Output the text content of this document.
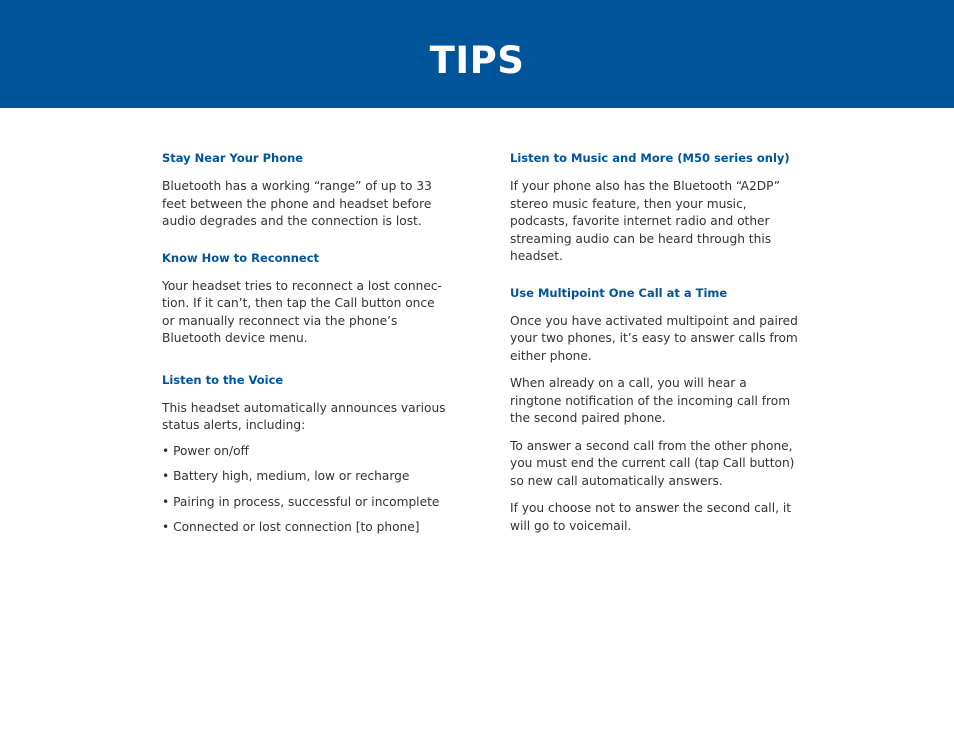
TIPS

Stay Near Your Phone

Bluetooth has a working “range” of up to 33 feet between the phone and headset before audio degrades and the connection is lost.

Know How to Reconnect

Your headset tries to reconnect a lost connec- tion. If it can’t, then tap the Call button once or manually reconnect via the phone’s Bluetooth device menu.

Listen to the Voice

This headset automatically announces various status alerts, including:

• Power on/off

• Battery high, medium, low or recharge

• Pairing in process, successful or incomplete

• Connected or lost connection [to phone]

Listen to Music and More (M50 series only)

If your phone also has the Bluetooth “A2DP” stereo music feature, then your music, podcasts, favorite internet radio and other streaming audio can be heard through this headset.

Use Multipoint One Call at a Time

Once you have activated multipoint and paired your two phones, it’s easy to answer calls from either phone.

When already on a call, you will hear a ringtone notification of the incoming call from the second paired phone.

To answer a second call from the other phone, you must end the current call (tap Call button) so new call automatically answers.

If you choose not to answer the second call, it will go to voicemail.
